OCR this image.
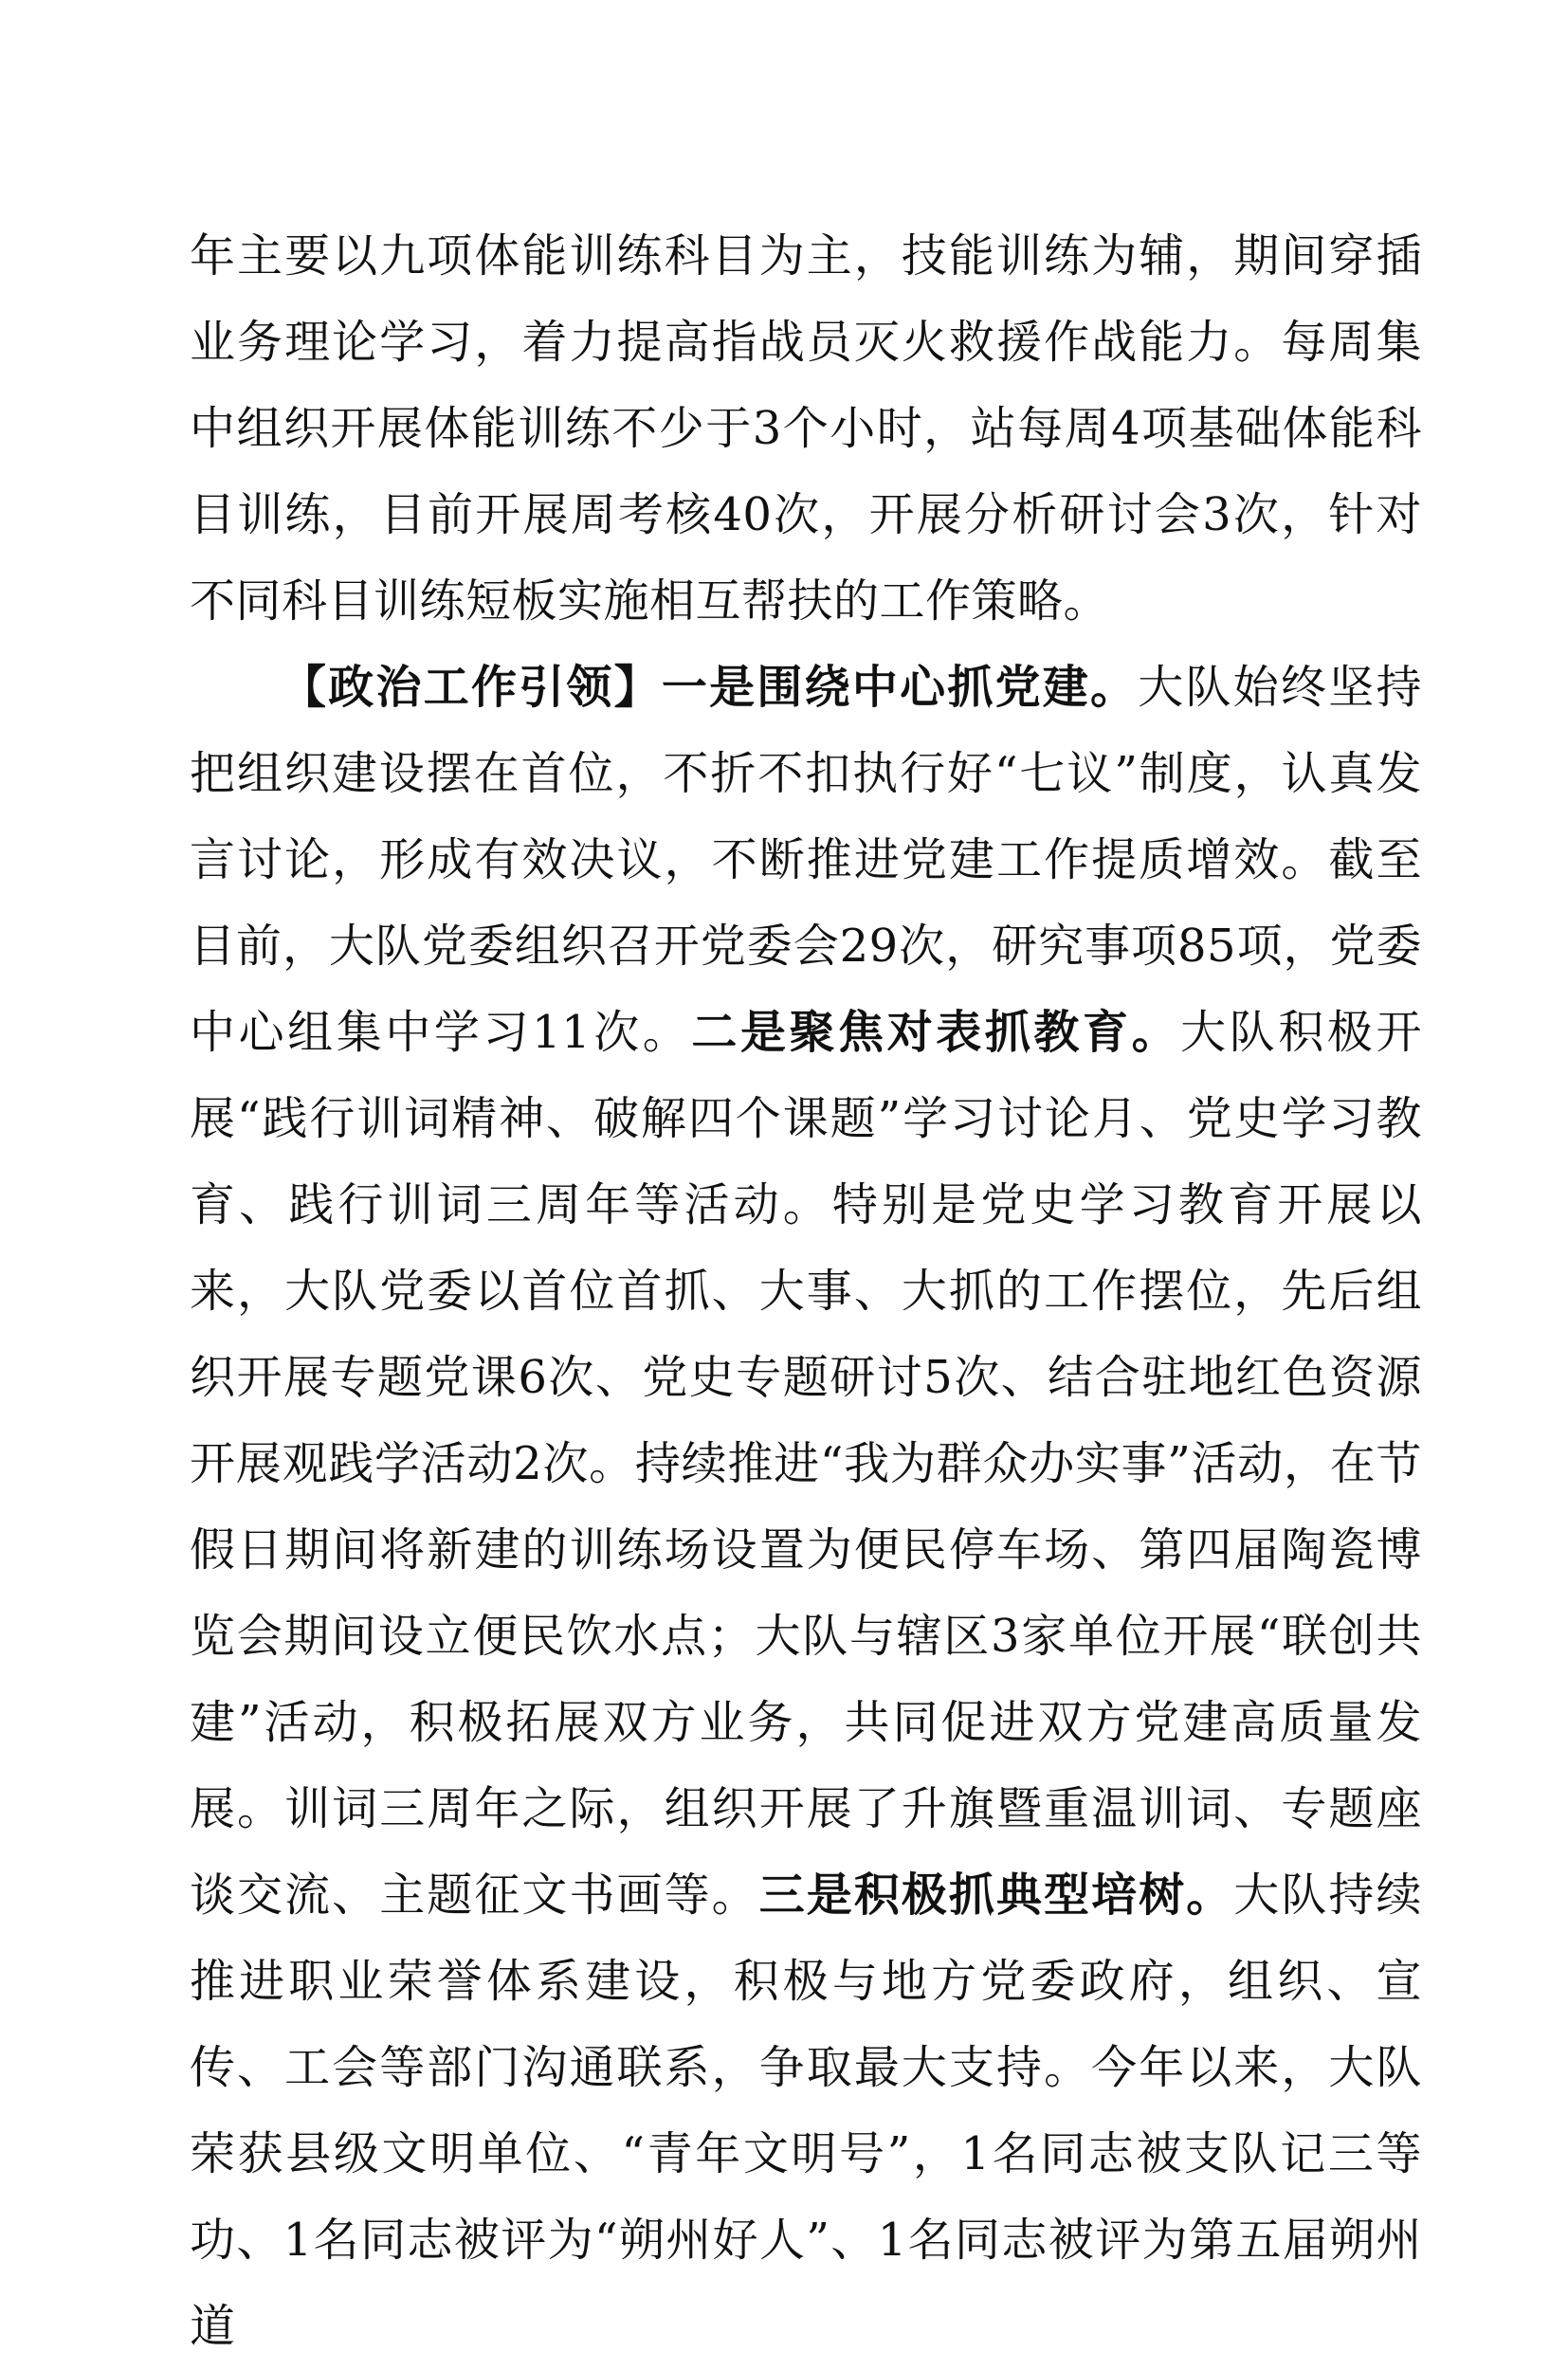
年主要以九项体能训练科目为主，技能训练为辅，期间穿插业务理论学习，着力提高指战员灭火救援作战能力。每周集中组织开展体能训练不少于3个小时，站每周4项基础体能科目训练，目前开展周考核40次，开展分析研讨会3次，针对不同科目训练短板实施相互帮扶的工作策略。

【政治工作引领】一是围绕中心抓党建。大队始终坚持把组织建设摆在首位，不折不扣执行好“七议”制度，认真发言讨论，形成有效决议，不断推进党建工作提质增效。截至目前，大队党委组织召开党委会29次，研究事项85项，党委中心组集中学习11次。二是聚焦对表抓教育。大队积极开展“践行训词精神、破解四个课题”学习讨论月、党史学习教育、践行训词三周年等活动。特别是党史学习教育开展以来，大队党委以首位首抓、大事、大抓的工作摆位，先后组织开展专题党课6次、党史专题研讨5次、结合驻地红色资源开展观践学活动2次。持续推进“我为群众办实事”活动，在节假日期间将新建的训练场设置为便民停车场、第四届陶瓷博览会期间设立便民饮水点；大队与辖区3家单位开展“联创共建”活动，积极拓展双方业务，共同促进双方党建高质量发展。训词三周年之际，组织开展了升旗暨重温训词、专题座谈交流、主题征文书画等。三是积极抓典型培树。大队持续推进职业荣誉体系建设，积极与地方党委政府，组织、宣传、工会等部门沟通联系，争取最大支持。今年以来，大队荣获县级文明单位、“青年文明号”，1名同志被支队记三等功、1名同志被评为“朔州好人”、1名同志被评为第五届朔州道
